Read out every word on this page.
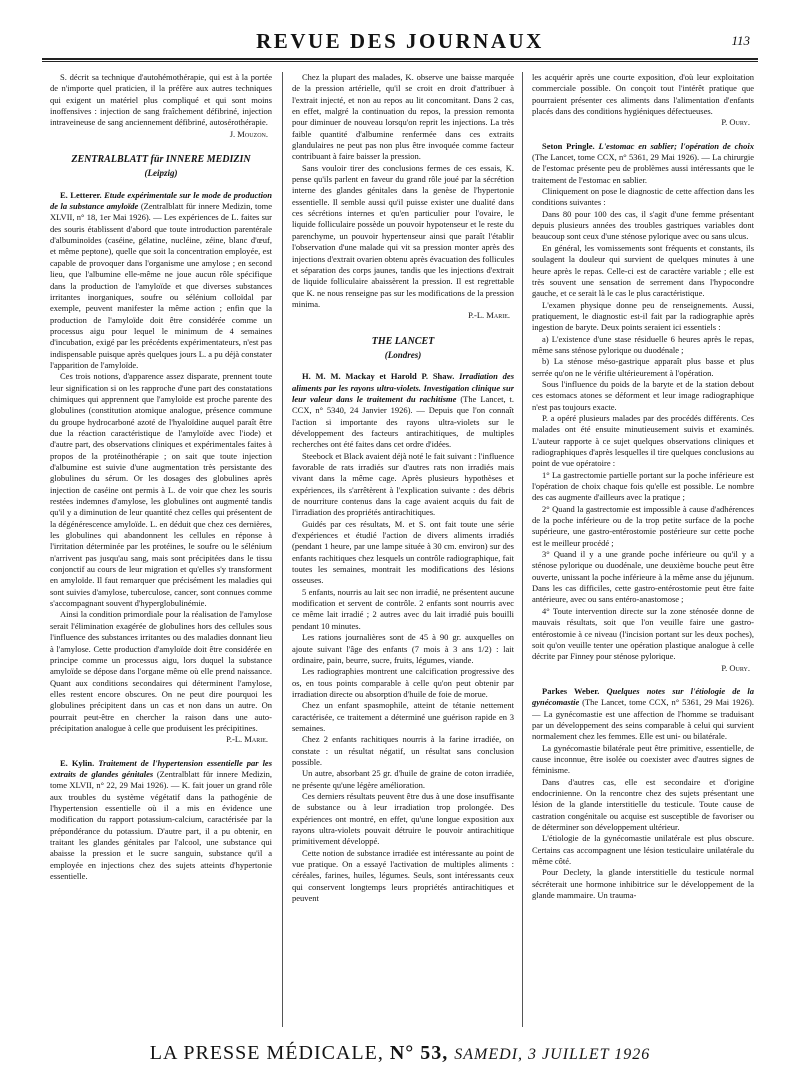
REVUE DES JOURNAUX	113

S. décrit sa technique d'autohémothérapie, qui est à la portée de n'importe quel praticien, il la préfère aux autres techniques qui exigent un matériel plus compliqué et qui sont moins inoffensives : injection de sang fraîchement défibriné, injection intraveineuse de sang anciennement défibriné, autosérothérapie.

J. Mouzon.
ZENTRALBLATT für INNERE MEDIZIN
(Leipzig)

E. Letterer. Etude expérimentale sur le mode de production de la substance amyloïde (Zentralblatt für innere Medizin, tome XLVII, n° 18, 1er Mai 1926). — Les expériences de L. faites sur des souris établissent d'abord que toute introduction parentérale d'albuminoïdes (caséine, gélatine, nucléine, zéine, blanc d'œuf, et même peptone), quelle que soit la concentration employée, est capable de provoquer dans l'organisme une amylose ; en second lieu, que l'albumine elle-même ne joue aucun rôle spécifique dans la production de l'amyloïde et que diverses substances irritantes inorganiques, soufre ou sélénium colloïdal par exemple, peuvent manifester la même action ; enfin que la production de l'amyloïde doit être considérée comme un processus aigu pour lequel le minimum de 4 semaines d'incubation, exigé par les précédents expérimentateurs, n'est pas indispensable puisque après quelques jours L. a pu déjà constater l'apparition de l'amyloïde.

Ces trois notions, d'apparence assez disparate, prennent toute leur signification si on les rapproche d'une part des constatations chimiques qui apprennent que l'amyloïde est proche parente des globulines (constitution atomique analogue, présence commune du groupe hydrocarboné azoté de l'hyaloïdine auquel paraît être due la réaction caractéristique de l'amyloïde avec l'iode) et d'autre part, des observations cliniques et expérimentales faites à propos de la protéinothérapie ; on sait que toute injection d'albumine est suivie d'une augmentation très persistante des globulines du sérum. Or les dosages des globulines après injection de caséine ont permis à L. de voir que chez les souris restées indemnes d'amylose, les globulines ont augmenté tandis qu'il y a diminution de leur quantité chez celles qui présentent de la dégénérescence amyloïde. L. en déduit que chez ces dernières, les globulines qui abandonnent les cellules en réponse à l'irritation déterminée par les protéines, le soufre ou le sélénium n'arrivent pas jusqu'au sang, mais sont précipitées dans le tissu conjonctif au cours de leur migration et qu'elles s'y transforment en amyloïde. Il faut remarquer que précisément les maladies qui sont suivies d'amylose, tuberculose, cancer, sont connues comme s'accompagnant souvent d'hyperglobulinémie.

Ainsi la condition primordiale pour la réalisation de l'amylose serait l'élimination exagérée de globulines hors des cellules sous l'influence des substances irritantes ou des maladies donnant lieu à l'amylose. Cette production d'amyloïde doit être considérée en principe comme un processus aigu, lors duquel la substance amyloïde se dépose dans l'organe même où elle prend naissance. Quant aux conditions secondaires qui déterminent l'amylose, elles restent encore obscures. On ne peut dire pourquoi les globulines précipitent dans un cas et non dans un autre. On pourrait peut-être en chercher la raison dans une auto-précipitation analogue à celle que produisent les précipitines.

P.-L. Marie.

E. Kylin. Traitement de l'hypertension essentielle par les extraits de glandes génitales (Zentralblatt für innere Medizin, tome XLVII, n° 22, 29 Mai 1926). — K. fait jouer un grand rôle aux troubles du système végétatif dans la pathogénie de l'hypertension essentielle où il a mis en évidence une modification du rapport potassium-calcium, caractérisée par la prépondérance du potassium. D'autre part, il a pu obtenir, en traitant les glandes génitales par l'alcool, une substance qui abaisse la pression et le sucre sanguin, substance qu'il a employée en injections chez des sujets atteints d'hypertonie essentielle.

Chez la plupart des malades, K. observe une baisse marquée de la pression artérielle, qu'il se croit en droit d'attribuer à l'extrait injecté, et non au repos au lit concomitant. Dans 2 cas, en effet, malgré la continuation du repos, la pression remonta pour diminuer de nouveau lorsqu'on reprit les injections. La très faible quantité d'albumine renfermée dans ces extraits glandulaires ne peut pas non plus être invoquée comme facteur contribuant à faire baisser la pression.

Sans vouloir tirer des conclusions fermes de ces essais, K. pense qu'ils parlent en faveur du grand rôle joué par la sécrétion interne des glandes génitales dans la genèse de l'hypertonie essentielle. Il semble aussi qu'il puisse exister une dualité dans ces sécrétions internes et qu'en particulier pour l'ovaire, le liquide folliculaire possède un pouvoir hypotenseur et le reste du parenchyme, un pouvoir hypertenseur ainsi que paraît l'établir l'observation d'une malade qui vit sa pression monter après des injections d'extrait ovarien obtenu après évacuation des follicules et séparation des corps jaunes, tandis que les injections d'extrait de liquide folliculaire abaissèrent la pression. Il est regrettable que K. ne nous renseigne pas sur les modifications de la pression minima.

P.-L. Marie.
THE LANCET
(Londres)

H. M. M. Mackay et Harold P. Shaw. Irradiation des aliments par les rayons ultra-violets. Investigation clinique sur leur valeur dans le traitement du rachitisme (The Lancet, t. CCX, n° 5340, 24 Janvier 1926). — Depuis que l'on connaît l'action si importante des rayons ultra-violets sur le développement des facteurs antirachitiques, de multiples recherches ont été faites dans cet ordre d'idées.

Steebock et Black avaient déjà noté le fait suivant : l'influence favorable de rats irradiés sur d'autres rats non irradiés mais vivant dans la même cage. Après plusieurs hypothèses et expériences, ils s'arrêtèrent à l'explication suivante : des débris de nourriture contenus dans la cage avaient acquis du fait de l'irradiation des propriétés antirachitiques.

Guidés par ces résultats, M. et S. ont fait toute une série d'expériences et étudié l'action de divers aliments irradiés (pendant 1 heure, par une lampe située à 30 cm. environ) sur des enfants rachitiques chez lesquels un contrôle radiographique, fait toutes les semaines, montrait les modifications des lésions osseuses.

5 enfants, nourris au lait sec non irradié, ne présentent aucune modification et servent de contrôle. 2 enfants sont nourris avec ce même lait irradié ; 2 autres avec du lait irradié puis bouilli pendant 10 minutes.

Les rations journalières sont de 45 à 90 gr. auxquelles on ajoute suivant l'âge des enfants (7 mois à 3 ans 1/2) : lait ordinaire, pain, beurre, sucre, fruits, légumes, viande.

Les radiographies montrent une calcification progressive des os, en tous points comparable à celle qu'on peut obtenir par irradiation directe ou absorption d'huile de foie de morue.

Chez un enfant spasmophile, atteint de tétanie nettement caractérisée, ce traitement a déterminé une guérison rapide en 3 semaines.

Chez 2 enfants rachitiques nourris à la farine irradiée, on constate : un résultat négatif, un résultat sans conclusion possible.

Un autre, absorbant 25 gr. d'huile de graine de coton irradiée, ne présente qu'une légère amélioration.

Ces derniers résultats peuvent être dus à une dose insuffisante de substance ou à leur irradiation trop prolongée. Des expériences ont montré, en effet, qu'une longue exposition aux rayons ultra-violets pouvait détruire le pouvoir antirachitique primitivement développé.

Cette notion de substance irradiée est intéressante au point de vue pratique. On a essayé l'activation de multiples aliments : céréales, farines, huiles, légumes. Seuls, sont intéressants ceux qui conservent longtemps leurs propriétés antirachitiques et peuvent

les acquérir après une courte exposition, d'où leur exploitation commerciale possible. On conçoit tout l'intérêt pratique que pourraient présenter ces aliments dans l'alimentation d'enfants placés dans des conditions hygiéniques défectueuses.

P. Oury.

Seton Pringle. L'estomac en sablier; l'opération de choix (The Lancet, tome CCX, n° 5361, 29 Mai 1926). — La chirurgie de l'estomac présente peu de problèmes aussi intéressants que le traitement de l'estomac en sablier.

Cliniquement on pose le diagnostic de cette affection dans les conditions suivantes :

Dans 80 pour 100 des cas, il s'agit d'une femme présentant depuis plusieurs années des troubles gastriques variables dont beaucoup sont ceux d'une sténose pylorique avec ou sans ulcus.

En général, les vomissements sont fréquents et constants, ils soulagent la douleur qui survient de quelques minutes à une heure après le repas. Celle-ci est de caractère variable ; elle est très souvent une sensation de serrement dans l'hypocondre gauche, et ce serait là le cas le plus caractéristique.

L'examen physique donne peu de renseignements. Aussi, pratiquement, le diagnostic est-il fait par la radiographie après ingestion de baryte. Deux points seraient ici essentiels :

a) L'existence d'une stase résiduelle 6 heures après le repas, même sans sténose pylorique ou duodénale ;

b) La sténose méso-gastrique apparaît plus basse et plus serrée qu'on ne le vérifie ultérieurement à l'opération.

Sous l'influence du poids de la baryte et de la station debout ces estomacs atones se déforment et leur image radiographique n'est pas toujours exacte.

P. a opéré plusieurs malades par des procédés différents. Ces malades ont été ensuite minutieusement suivis et examinés. L'auteur rapporte à ce sujet quelques observations cliniques et radiographiques d'après lesquelles il tire quelques conclusions au point de vue opératoire :

1° La gastrectomie partielle portant sur la poche inférieure est l'opération de choix chaque fois qu'elle est possible. Le nombre des cas augmente d'ailleurs avec la pratique ;

2° Quand la gastrectomie est impossible à cause d'adhérences de la poche inférieure ou de la trop petite surface de la poche supérieure, une gastro-entérostomie postérieure sur cette poche est le meilleur procédé ;

3° Quand il y a une grande poche inférieure ou qu'il y a sténose pylorique ou duodénale, une deuxième bouche peut être ouverte, unissant la poche inférieure à la même anse du jéjunum. Dans les cas difficiles, cette gastro-entérostomie peut être faite antérieure, avec ou sans entéro-anastomose ;

4° Toute intervention directe sur la zone sténosée donne de mauvais résultats, soit que l'on veuille faire une gastro-entérostomie à ce niveau (l'incision portant sur les deux poches), soit qu'on veuille tenter une opération plastique analogue à celle décrite par Finney pour sténose pylorique.

P. Oury.

Parkes Weber. Quelques notes sur l'étiologie de la gynécomastie (The Lancet, tome CCX, n° 5361, 29 Mai 1926). — La gynécomastie est une affection de l'homme se traduisant par un développement des seins comparable à celui qui survient normalement chez les femmes. Elle est uni- ou bilatérale.

La gynécomastie bilatérale peut être primitive, essentielle, de cause inconnue, être isolée ou coexister avec d'autres signes de féminisme.

Dans d'autres cas, elle est secondaire et d'origine endocrinienne. On la rencontre chez des sujets présentant une lésion de la glande interstitielle du testicule. Toute cause de castration congénitale ou acquise est susceptible de favoriser ou de déterminer son développement ultérieur.

L'étiologie de la gynécomastie unilatérale est plus obscure. Certains cas accompagnent une lésion testiculaire unilatérale du même côté.

Pour Declety, la glande interstitielle du testicule normal sécréterait une hormone inhibitrice sur le développement de la glande mammaire. Un trauma-

LA PRESSE MÉDICALE, N° 53, SAMEDI, 3 JUILLET 1926
